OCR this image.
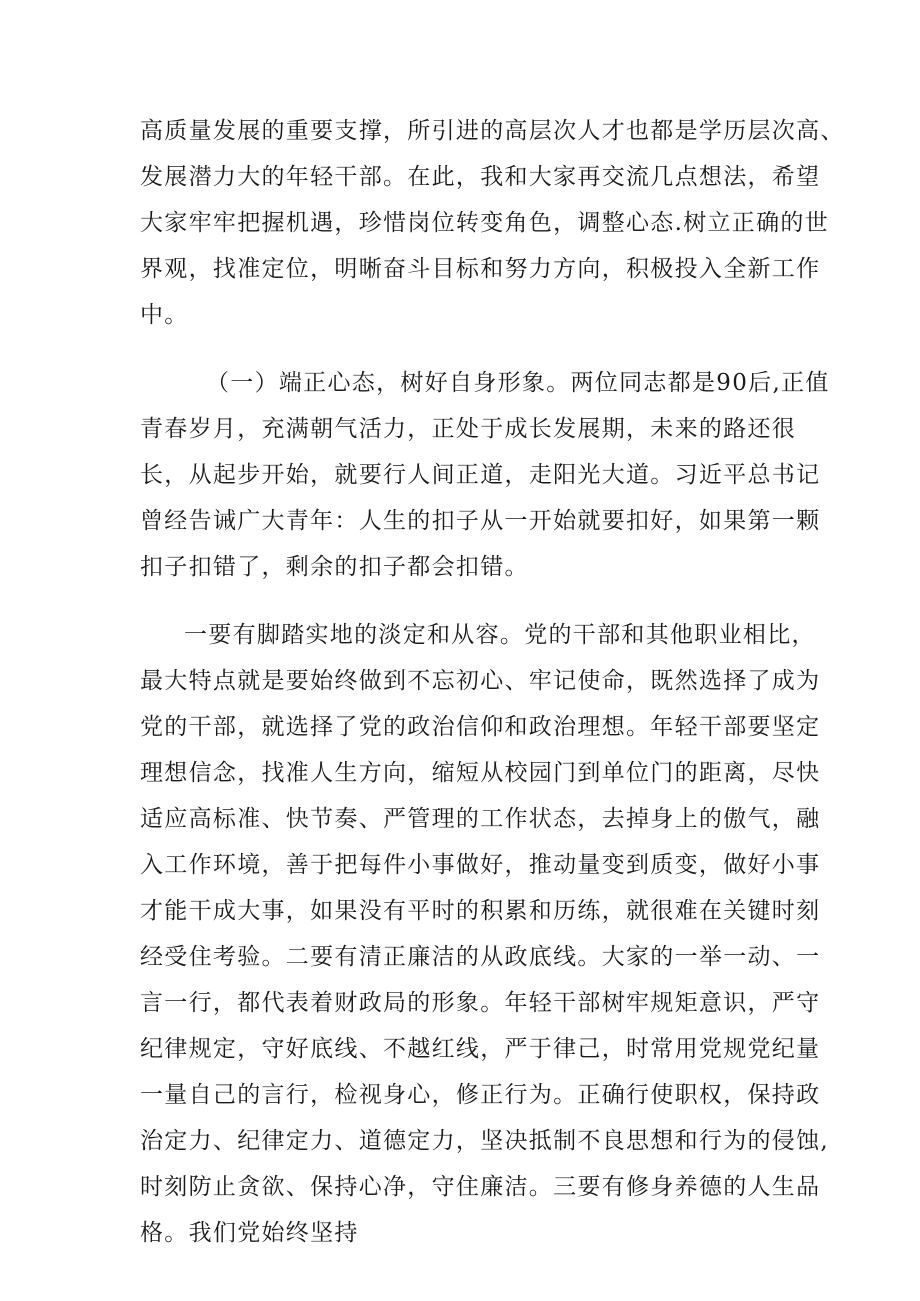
高质量发展的重要支撑，所引进的高层次人才也都是学历层次高、
发展潜力大的年轻干部。在此，我和大家再交流几点想法，希望
大家牢牢把握机遇，珍惜岗位转变角色，调整心态.树立正确的世
界观，找准定位，明晰奋斗目标和努力方向，积极投入全新工作
中。
（一）端正心态，树好自身形象。两位同志都是90后,正值
青春岁月，充满朝气活力，正处于成长发展期，未来的路还很
长，从起步开始，就要行人间正道，走阳光大道。习近平总书记
曾经告诫广大青年：人生的扣子从一开始就要扣好，如果第一颗
扣子扣错了，剩余的扣子都会扣错。
一要有脚踏实地的淡定和从容。党的干部和其他职业相比，
最大特点就是要始终做到不忘初心、牢记使命，既然选择了成为
党的干部，就选择了党的政治信仰和政治理想。年轻干部要坚定
理想信念，找准人生方向，缩短从校园门到单位门的距离，尽快
适应高标准、快节奏、严管理的工作状态，去掉身上的傲气，融
入工作环境，善于把每件小事做好，推动量变到质变，做好小事
才能干成大事，如果没有平时的积累和历练，就很难在关键时刻
经受住考验。二要有清正廉洁的从政底线。大家的一举一动、一
言一行，都代表着财政局的形象。年轻干部树牢规矩意识，严守
纪律规定，守好底线、不越红线，严于律己，时常用党规党纪量
一量自己的言行，检视身心，修正行为。正确行使职权，保持政
治定力、纪律定力、道德定力，坚决抵制不良思想和行为的侵蚀,
时刻防止贪欲、保持心净，守住廉洁。三要有修身养德的人生品
格。我们党始终坚持
